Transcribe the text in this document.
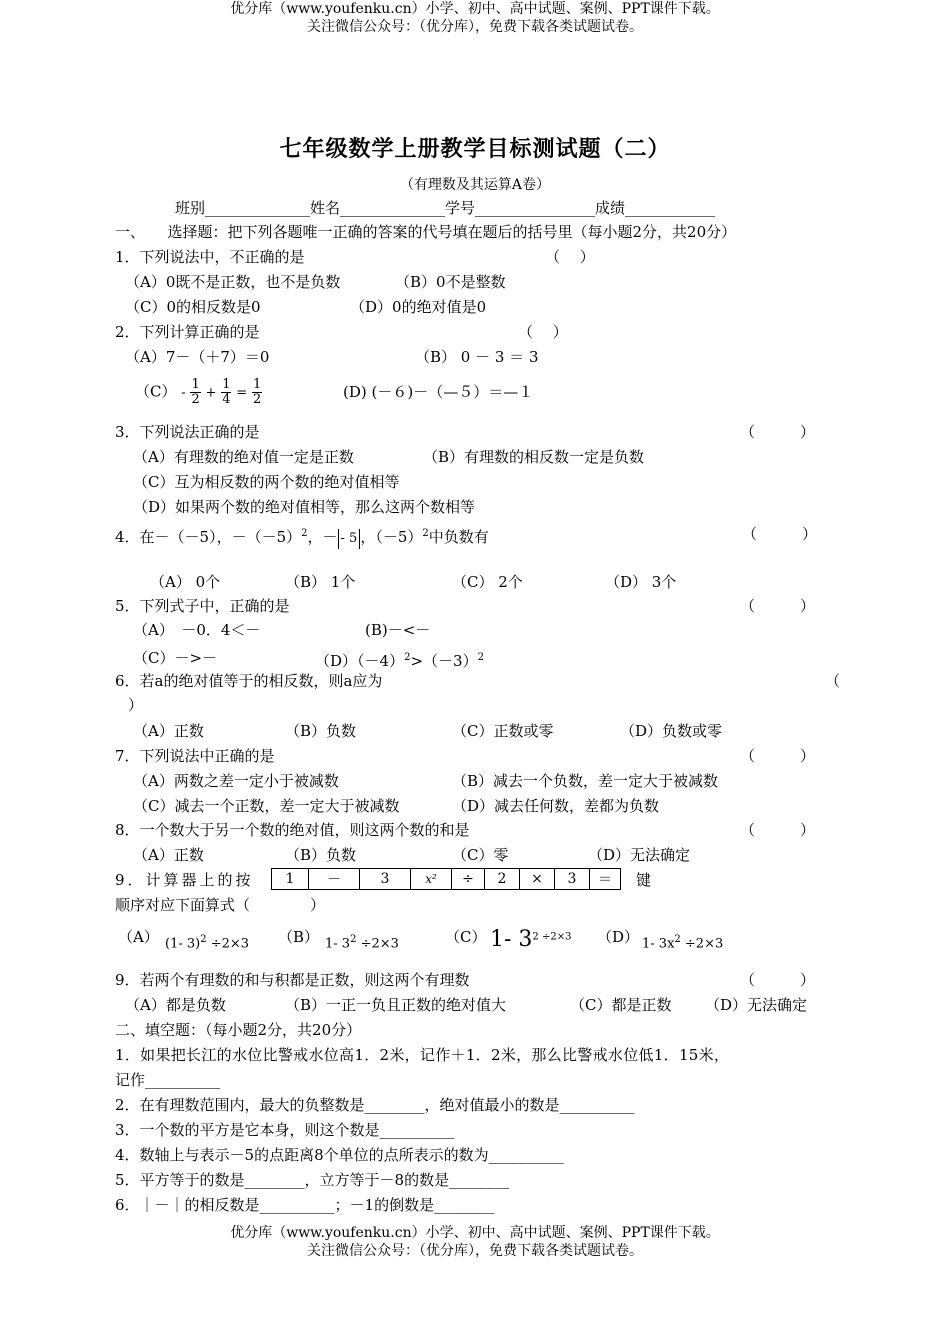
优分库（www.youfenku.cn）小学、初中、高中试题、案例、PPT课件下载。
关注微信公众号：（优分库），免费下载各类试题试卷。
七年级数学上册教学目标测试题（二）
（有理数及其运算A卷）
班别______________姓名______________学号________________成绩____________
一、　　选择题：把下列各题唯一正确的答案的代号填在题后的括号里（每小题2分，共20分）
1．下列说法中，不正确的是	（　 ）
（A）0既不是正数，也不是负数	（B）0不是整数
（C）0的相反数是0	（D）0的绝对值是0
2．下列计算正确的是	（　 ）
（A）7－（＋7）＝0	（B） 0 － 3 ＝ 3
$(C) - \frac{1}{2} + \frac{1}{4} = \frac{1}{2}$	(D) (－６)－（—５）＝—１
3．下列说法正确的是	（　　　）
（A）有理数的绝对值一定是正数	（B）有理数的相反数一定是负数
（C）互为相反数的两个数的绝对值相等
（D）如果两个数的绝对值相等，那么这两个数相等
4．在－（－5），$-(-5)^2$，－ - 5 ，$(-5)^2$中负数有	（　　　）
（A） 0个	（B） 1个	（C） 2个	（D） 3个
5．下列式子中，正确的是	（　　　）
（A）　－0．4＜－	(B)－<－
（C）－>－	$(D)(-4)^2>(-3)^2$
6．若a的绝对值等于的相反数，则a应为	（
）
（A）正数	（B）负数	（C）正数或零	（D）负数或零
7．下列说法中正确的是	（　　　）
（A）两数之差一定小于被减数	（B）减去一个负数，差一定大于被减数
（C）减去一个正数，差一定大于被减数	（D）减去任何数，差都为负数
8．一个数大于另一个数的绝对值，则这两个数的和是	（　　　）
（A）正数	（B）负数	（C）零	（D）无法确定
9．计算器上的按 1	－	3	x²	÷	2	×	3	＝ 键
顺序对应下面算式（　　　　）
（A） (1- 3)$^2$ ÷2×3 （B） 1- $3^2 \div 2\times 3$	（C） 1- $3^{2 \div 2\times 3}$ （D） 1- $3x^2 \div 2\times 3$
9．若两个有理数的和与积都是正数，则这两个有理数	（　　　）
（A）都是负数	（B）一正一负且正数的绝对值大	（C）都是正数 （D）无法确定
二、填空题：（每小题2分，共20分）
1．如果把长江的水位比警戒水位高1．2米，记作＋1．2米，那么比警戒水位低1．15米，
记作__________
2．在有理数范围内，最大的负整数是________，绝对值最小的数是__________
3．一个数的平方是它本身，则这个数是__________
4．数轴上与表示－5的点距离8个单位的点所表示的数为__________
5．平方等于的数是________，立方等于－8的数是________
6．｜－｜的相反数是__________；－1的倒数是________
优分库（www.youfenku.cn）小学、初中、高中试题、案例、PPT课件下载。
关注微信公众号：（优分库），免费下载各类试题试卷。
